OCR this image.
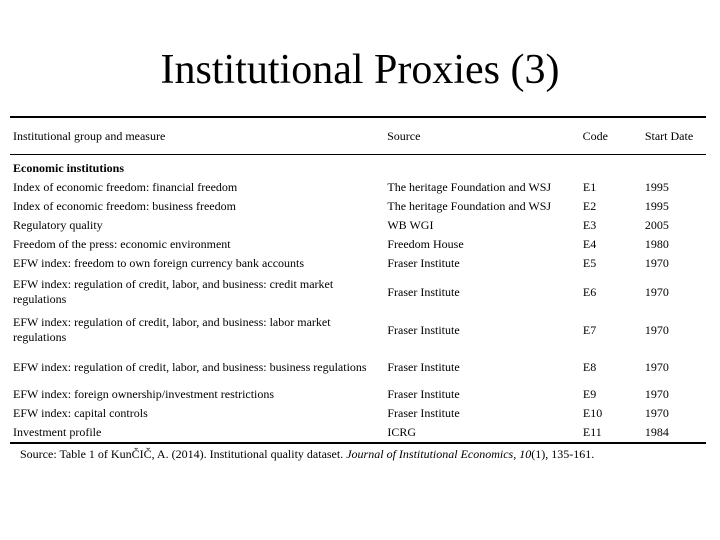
Institutional Proxies (3)
Institutional group and measure	Source	Code	Start Date
Economic institutions			
Index of economic freedom: financial freedom	The heritage Foundation and WSJ	E1	1995
Index of economic freedom: business freedom	The heritage Foundation and WSJ	E2	1995
Regulatory quality	WB WGI	E3	2005
Freedom of the press: economic environment	Freedom House	E4	1980
EFW index: freedom to own foreign currency bank accounts	Fraser Institute	E5	1970
EFW index: regulation of credit, labor, and business: credit market regulations	Fraser Institute	E6	1970
EFW index: regulation of credit, labor, and business: labor market regulations	Fraser Institute	E7	1970
EFW index: regulation of credit, labor, and business: business regulations	Fraser Institute	E8	1970
EFW index: foreign ownership/investment restrictions	Fraser Institute	E9	1970
EFW index: capital controls	Fraser Institute	E10	1970
Investment profile	ICRG	E11	1984
Source: Table 1 of KunČIČ, A. (2014). Institutional quality dataset. Journal of Institutional Economics, 10(1), 135-161.
